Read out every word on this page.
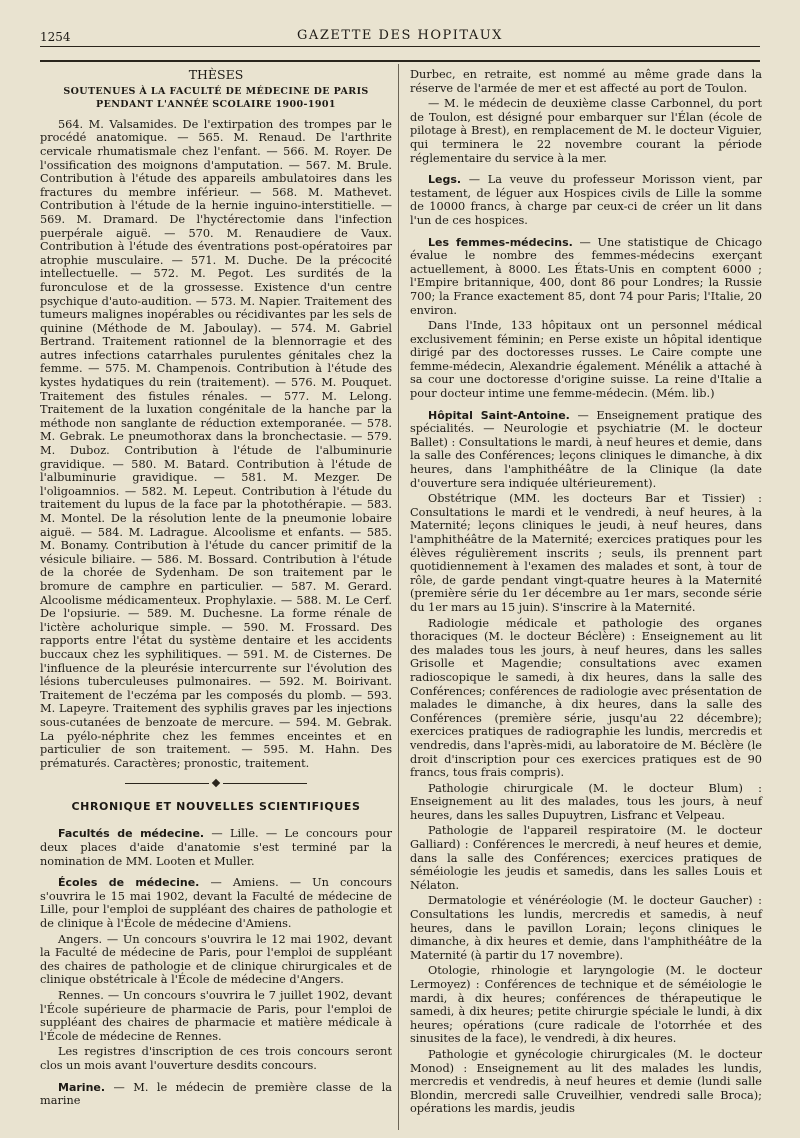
1254	GAZETTE DES HOPITAUX

THÈSES

SOUTENUES À LA FACULTÉ DE MÉDECINE DE PARIS
PENDANT L'ANNÉE SCOLAIRE 1900-1901

564. M. Valsamides. De l'extirpation des trompes par le procédé anatomique. — 565. M. Renaud. De l'arthrite cervicale rhumatismale chez l'enfant. — 566. M. Royer. De l'ossification des moignons d'amputation. — 567. M. Brule. Contribution à l'étude des appareils ambulatoires dans les fractures du membre inférieur. — 568. M. Mathevet. Contribution à l'étude de la hernie inguino-interstitielle. — 569. M. Dramard. De l'hyctérectomie dans l'infection puerpérale aiguë. — 570. M. Renaudiere de Vaux. Contribution à l'étude des éventrations post-opératoires par atrophie musculaire. — 571. M. Duche. De la précocité intellectuelle. — 572. M. Pegot. Les surdités de la furonculose et de la grossesse. Existence d'un centre psychique d'auto-audition. — 573. M. Napier. Traitement des tumeurs malignes inopérables ou récidivantes par les sels de quinine (Méthode de M. Jaboulay). — 574. M. Gabriel Bertrand. Traitement rationnel de la blennorragie et des autres infections catarrhales purulentes génitales chez la femme. — 575. M. Champenois. Contribution à l'étude des kystes hydatiques du rein (traitement). — 576. M. Pouquet. Traitement des fistules rénales. — 577. M. Lelong. Traitement de la luxation congénitale de la hanche par la méthode non sanglante de réduction extemporanée. — 578. M. Gebrak. Le pneumothorax dans la bronchectasie. — 579. M. Duboz. Contribution à l'étude de l'albuminurie gravidique. — 580. M. Batard. Contribution à l'étude de l'albuminurie gravidique. — 581. M. Mezger. De l'oligoamnios. — 582. M. Lepeut. Contribution à l'étude du traitement du lupus de la face par la photothérapie. — 583. M. Montel. De la résolution lente de la pneumonie lobaire aiguë. — 584. M. Ladrague. Alcoolisme et enfants. — 585. M. Bonamy. Contribution à l'étude du cancer primitif de la vésicule biliaire. — 586. M. Bossard. Contribution à l'étude de la chorée de Sydenham. De son traitement par le bromure de camphre en particulier. — 587. M. Gerard. Alcoolisme médicamenteux. Prophylaxie. — 588. M. Le Cerf. De l'opsiurie. — 589. M. Duchesne. La forme rénale de l'ictère acholurique simple. — 590. M. Frossard. Des rapports entre l'état du système dentaire et les accidents buccaux chez les syphilitiques. — 591. M. de Cisternes. De l'influence de la pleurésie intercurrente sur l'évolution des lésions tuberculeuses pulmonaires. — 592. M. Boirivant. Traitement de l'eczéma par les composés du plomb. — 593. M. Lapeyre. Traitement des syphilis graves par les injections sous-cutanées de benzoate de mercure. — 594. M. Gebrak. La pyélo-néphrite chez les femmes enceintes et en particulier de son traitement. — 595. M. Hahn. Des prématurés. Caractères; pronostic, traitement.

CHRONIQUE ET NOUVELLES SCIENTIFIQUES

Facultés de médecine. — Lille. — Le concours pour deux places d'aide d'anatomie s'est terminé par la nomination de MM. Looten et Muller.

Écoles de médecine. — Amiens. — Un concours s'ouvrira le 15 mai 1902, devant la Faculté de médecine de Lille, pour l'emploi de suppléant des chaires de pathologie et de clinique à l'École de médecine d'Amiens.

Angers. — Un concours s'ouvrira le 12 mai 1902, devant la Faculté de médecine de Paris, pour l'emploi de suppléant des chaires de pathologie et de clinique chirurgicales et de clinique obstétricale à l'École de médecine d'Angers.

Rennes. — Un concours s'ouvrira le 7 juillet 1902, devant l'École supérieure de pharmacie de Paris, pour l'emploi de suppléant des chaires de pharmacie et matière médicale à l'École de médecine de Rennes.

Les registres d'inscription de ces trois concours seront clos un mois avant l'ouverture desdits concours.

Marine. — M. le médecin de première classe de la marine

Durbec, en retraite, est nommé au même grade dans la réserve de l'armée de mer et est affecté au port de Toulon.

— M. le médecin de deuxième classe Carbonnel, du port de Toulon, est désigné pour embarquer sur l'Élan (école de pilotage à Brest), en remplacement de M. le docteur Viguier, qui terminera le 22 novembre courant la période réglementaire du service à la mer.

Legs. — La veuve du professeur Morisson vient, par testament, de léguer aux Hospices civils de Lille la somme de 10000 francs, à charge par ceux-ci de créer un lit dans l'un de ces hospices.

Les femmes-médecins. — Une statistique de Chicago évalue le nombre des femmes-médecins exerçant actuellement, à 8000. Les États-Unis en comptent 6000 ; l'Empire britannique, 400, dont 86 pour Londres; la Russie 700; la France exactement 85, dont 74 pour Paris; l'Italie, 20 environ.

Dans l'Inde, 133 hôpitaux ont un personnel médical exclusivement féminin; en Perse existe un hôpital identique dirigé par des doctoresses russes. Le Caire compte une femme-médecin, Alexandrie également. Ménélik a attaché à sa cour une doctoresse d'origine suisse. La reine d'Italie a pour docteur intime une femme-médecin. (Mém. lib.)

Hôpital Saint-Antoine. — Enseignement pratique des spécialités. — Neurologie et psychiatrie (M. le docteur Ballet) : Consultations le mardi, à neuf heures et demie, dans la salle des Conférences; leçons cliniques le dimanche, à dix heures, dans l'amphithéâtre de la Clinique (la date d'ouverture sera indiquée ultérieurement).

Obstétrique (MM. les docteurs Bar et Tissier) : Consultations le mardi et le vendredi, à neuf heures, à la Maternité; leçons cliniques le jeudi, à neuf heures, dans l'amphithéâtre de la Maternité; exercices pratiques pour les élèves régulièrement inscrits ; seuls, ils prennent part quotidiennement à l'examen des malades et sont, à tour de rôle, de garde pendant vingt-quatre heures à la Maternité (première série du 1er décembre au 1er mars, seconde série du 1er mars au 15 juin). S'inscrire à la Maternité.

Radiologie médicale et pathologie des organes thoraciques (M. le docteur Béclère) : Enseignement au lit des malades tous les jours, à neuf heures, dans les salles Grisolle et Magendie; consultations avec examen radioscopique le samedi, à dix heures, dans la salle des Conférences; conférences de radiologie avec présentation de malades le dimanche, à dix heures, dans la salle des Conférences (première série, jusqu'au 22 décembre); exercices pratiques de radiographie les lundis, mercredis et vendredis, dans l'après-midi, au laboratoire de M. Béclère (le droit d'inscription pour ces exercices pratiques est de 90 francs, tous frais compris).

Pathologie chirurgicale (M. le docteur Blum) : Enseignement au lit des malades, tous les jours, à neuf heures, dans les salles Dupuytren, Lisfranc et Velpeau.

Pathologie de l'appareil respiratoire (M. le docteur Galliard) : Conférences le mercredi, à neuf heures et demie, dans la salle des Conférences; exercices pratiques de séméiologie les jeudis et samedis, dans les salles Louis et Nélaton.

Dermatologie et vénéréologie (M. le docteur Gaucher) : Consultations les lundis, mercredis et samedis, à neuf heures, dans le pavillon Lorain; leçons cliniques le dimanche, à dix heures et demie, dans l'amphithéâtre de la Maternité (à partir du 17 novembre).

Otologie, rhinologie et laryngologie (M. le docteur Lermoyez) : Conférences de technique et de séméiologie le mardi, à dix heures; conférences de thérapeutique le samedi, à dix heures; petite chirurgie spéciale le lundi, à dix heures; opérations (cure radicale de l'otorrhée et des sinusites de la face), le vendredi, à dix heures.

Pathologie et gynécologie chirurgicales (M. le docteur Monod) : Enseignement au lit des malades les lundis, mercredis et vendredis, à neuf heures et demie (lundi salle Blondin, mercredi salle Cruveilhier, vendredi salle Broca); opérations les mardis, jeudis
